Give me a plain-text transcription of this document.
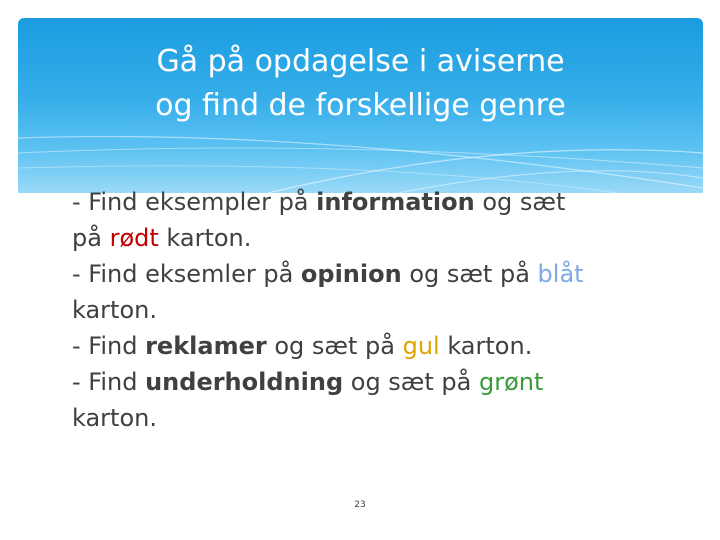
Gå på opdagelse i aviserne
og find de forskellige genre
- Find eksempler på information og sæt
på rødt karton.
- Find eksemler på opinion og sæt på blåt
karton.
- Find reklamer og sæt på gul karton.
- Find underholdning og sæt på grønt
karton.
23
